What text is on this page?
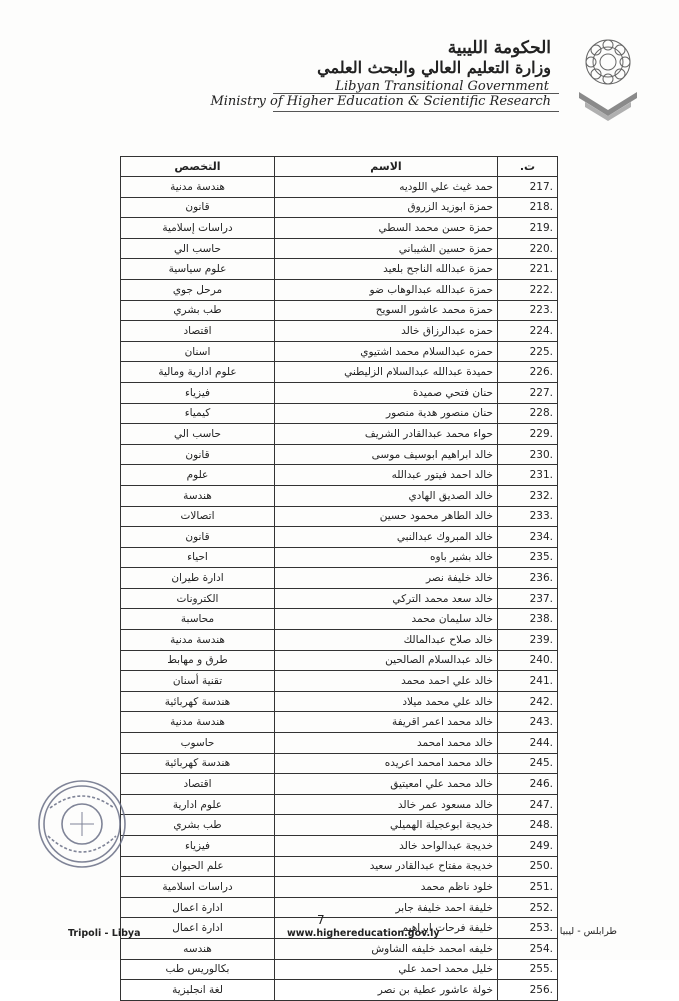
الحكومة الليبية
وزارة التعليم العالي والبحث العلمي
Libyan Transitional Government
Ministry of Higher Education & Scientific Research
ت.	الاسم	التخصص
217.	حمد غيث علي اللوديه	هندسة مدنية
218.	حمزة ابوزيد الزروق	قانون
219.	حمزة حسن محمد السطي	دراسات إسلامية
220.	حمزة حسين الشيباني	حاسب الي
221.	حمزة عبدالله الناجح بلعيد	علوم سياسية
222.	حمزة عبدالله عبدالوهاب ضو	مرحل جوي
223.	حمزة محمد عاشور السويح	طب بشري
224.	حمزه عبدالرزاق خالد	اقتصاد
225.	حمزه عبدالسلام محمد اشتيوي	اسنان
226.	حميدة عبدالله عبدالسلام الزليطني	علوم ادارية ومالية
227.	حنان فتحي صميدة	فيزياء
228.	حنان منصور هدية منصور	كيمياء
229.	حواء محمد عبدالقادر الشريف	حاسب الي
230.	خالد ابراهيم ابوسيف موسى	قانون
231.	خالد احمد فيتور عبدالله	علوم
232.	خالد الصديق الهادي	هندسة
233.	خالد الطاهر محمود حسين	اتصالات
234.	خالد المبروك عبدالنبي	قانون
235.	خالد بشير باوه	احياء
236.	خالد خليفة نصر	ادارة طيران
237.	خالد سعد محمد التركي	الكترونات
238.	خالد سليمان محمد	محاسبة
239.	خالد صلاح عبدالمالك	هندسة مدنية
240.	خالد عبدالسلام الصالحين	طرق و مهابط
241.	خالد علي احمد محمد	تقنية أسنان
242.	خالد علي محمد ميلاد	هندسة كهربائية
243.	خالد محمد اعمر اقريفة	هندسة مدنية
244.	خالد محمد امحمد	حاسوب
245.	خالد محمد امحمد اعريده	هندسة كهربائية
246.	خالد محمد علي امعيتيق	اقتصاد
247.	خالد مسعود عمر خالد	علوم ادارية
248.	خديجة ابوعجيلة الهميلي	طب بشري
249.	خديجة عبدالواحد خالد	فيزياء
250.	خديجة مفتاح عبدالقادر سعيد	علم الحيوان
251.	خلود ناظم محمد	دراسات اسلامية
252.	خليفة احمد خليفة جابر	ادارة اعمال
253.	خليفة فرحات ابراهيم	ادارة اعمال
254.	خليفه امحمد خليفه الشاوش	هندسه
255.	خليل محمد احمد علي	بكالوريس طب
256.	خولة عاشور عطية بن نصر	لغة انجليزية
7
Tripoli - Libya	www.highereducation.gov.ly	طرابلس - ليبيا
